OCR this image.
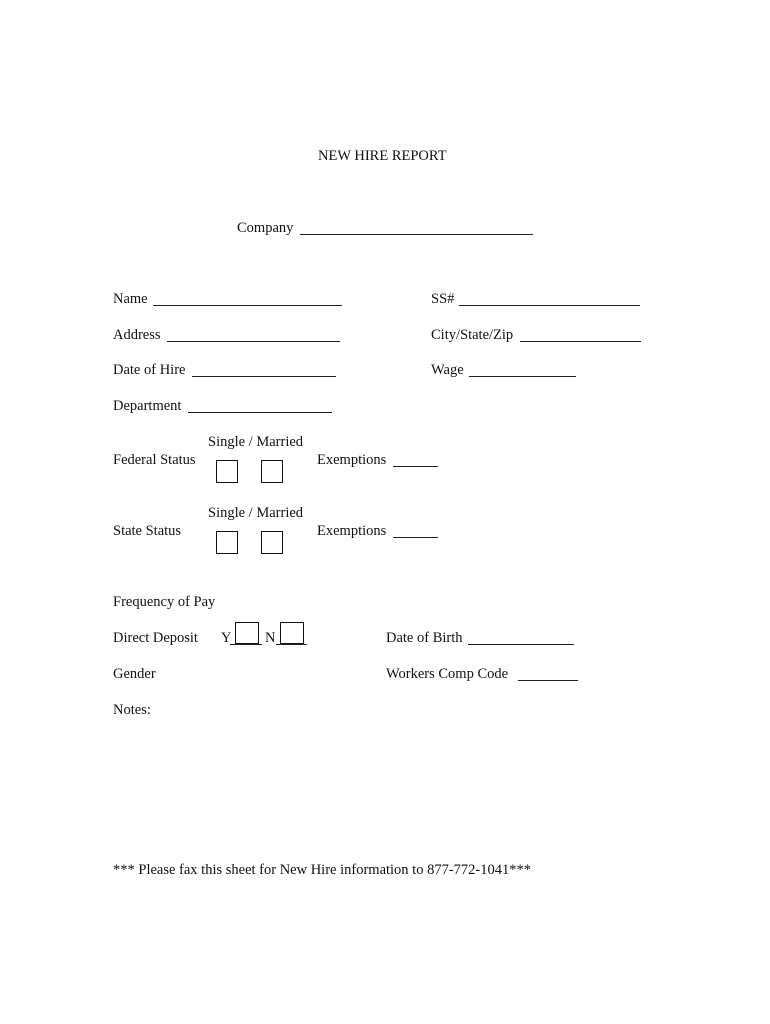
NEW HIRE REPORT
Company
Name	SS#
Address	City/State/Zip
Date of Hire	Wage
Department
Single / Married
Federal Status	Exemptions
Single / Married
State Status	Exemptions
Frequency of Pay
Direct Deposit Y N	Date of Birth
Gender	Workers Comp Code
Notes:
*** Please fax this sheet for New Hire information to 877-772-1041***
